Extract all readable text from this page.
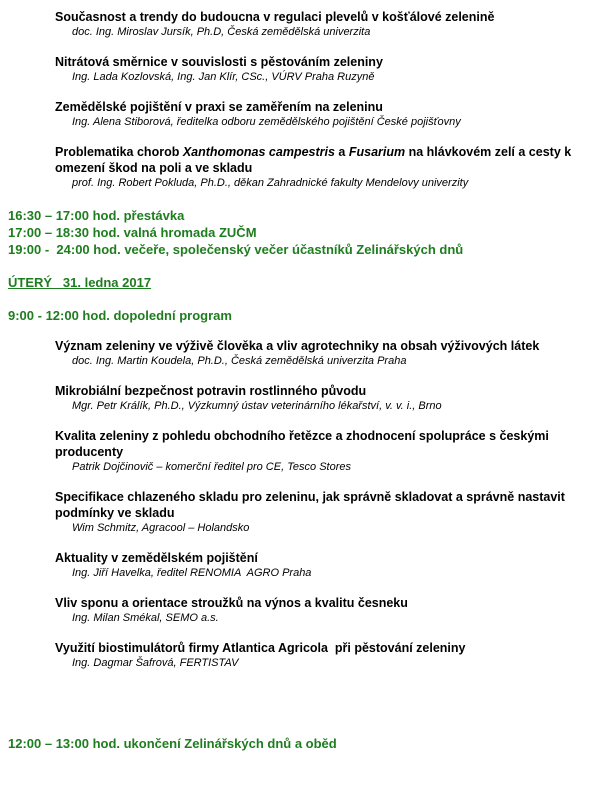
Současnost a trendy do budoucna v regulaci plevelů v košťálové zelenině
doc. Ing. Miroslav Jursík, Ph.D, Česká zemědělská univerzita
Nitrátová směrnice v souvislosti s pěstováním zeleniny
Ing. Lada Kozlovská, Ing. Jan Klír, CSc., VÚRV Praha Ruzyně
Zemědělské pojištění v praxi se zaměřením na zeleninu
Ing. Alena Stiborová, ředitelka odboru zemědělského pojištění České pojišťovny
Problematika chorob Xanthomonas campestris a Fusarium na hlávkovém zelí a cesty k omezení škod na poli a ve skladu
prof. Ing. Robert Pokluda, Ph.D., děkan Zahradnické fakulty Mendelovy univerzity
16:30 – 17:00 hod. přestávka
17:00 – 18:30 hod. valná hromada ZUČM
19:00 -  24:00 hod. večeře, společenský večer účastníků Zelinářských dnů
ÚTERÝ   31. ledna 2017
9:00 - 12:00 hod. dopolední program
Význam zeleniny ve výživě člověka a vliv agrotechniky na obsah výživových látek
doc. Ing. Martin Koudela, Ph.D., Česká zemědělská univerzita Praha
Mikrobiální bezpečnost potravin rostlinného původu
Mgr. Petr Králík, Ph.D., Výzkumný ústav veterinárního lékařství, v. v. i., Brno
Kvalita zeleniny z pohledu obchodního řetězce a zhodnocení spolupráce s českými producenty
Patrik Dojčinovič – komerční ředitel pro CE, Tesco Stores
Specifikace chlazeného skladu pro zeleninu, jak správně skladovat a správně nastavit podmínky ve skladu
Wim Schmitz, Agracool – Holandsko
Aktuality v zemědělském pojištění
Ing. Jiří Havelka, ředitel RENOMIA  AGRO Praha
Vliv sponu a orientace stroužků na výnos a kvalitu česneku
Ing. Milan Smékal, SEMO a.s.
Využití biostimulátorů firmy Atlantica Agricola  při pěstování zeleniny
Ing. Dagmar Šafrová, FERTISTAV
12:00 – 13:00 hod. ukončení Zelinářských dnů a oběd
